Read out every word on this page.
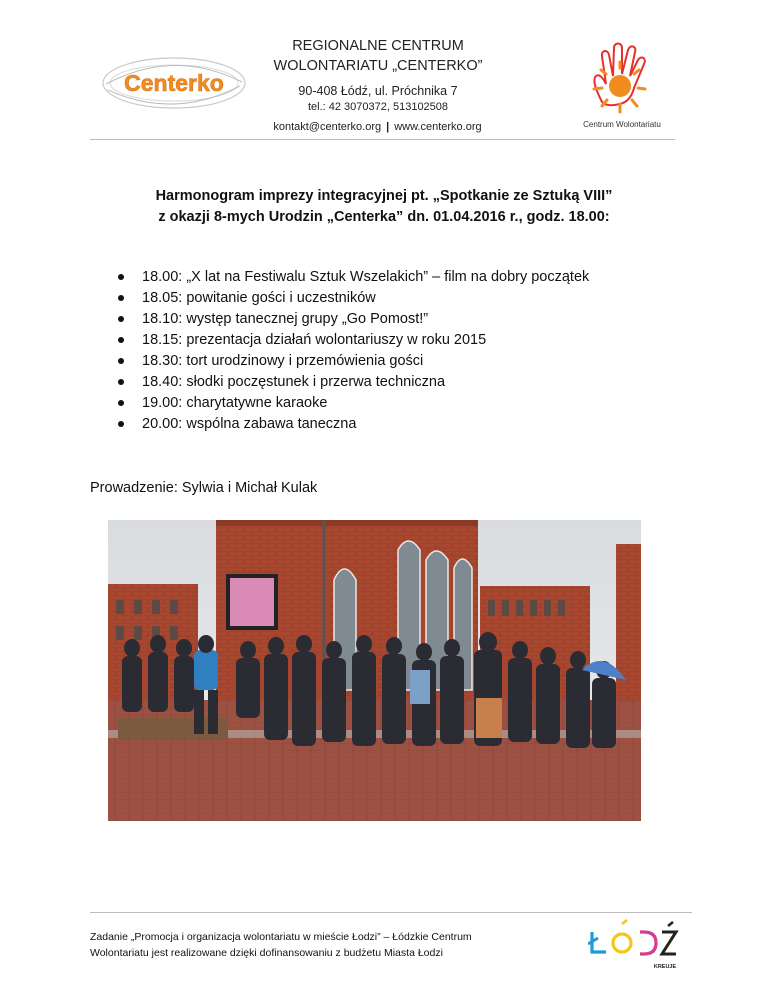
Centerko
REGIONALNE CENTRUM
WOLONTARIATU „CENTERKO”
90-408 Łódź, ul. Próchnika 7
tel.: 42 3070372, 513102508
kontakt@centerko.org | www.centerko.org	Centrum Wolontariatu
Harmonogram imprezy integracyjnej pt. „Spotkanie ze Sztuką VIII”
z okazji 8-mych Urodzin „Centerka” dn. 01.04.2016 r., godz. 18.00:
18.00: „X lat na Festiwalu Sztuk Wszelakich” – film na dobry początek
18.05: powitanie gości i uczestników
18.10: występ tanecznej grupy „Go Pomost!”
18.15: prezentacja działań wolontariuszy w roku 2015
18.30: tort urodzinowy i przemówienia gości
18.40: słodki poczęstunek i przerwa techniczna
19.00: charytatywne karaoke
20.00: wspólna zabawa taneczna
Prowadzenie: Sylwia i Michał Kulak
Zadanie „Promocja i organizacja wolontariatu w mieście Łodzi” – Łódzkie Centrum
Wolontariatu jest realizowane dzięki dofinansowaniu z budżetu Miasta Łodzi
KREUJE
